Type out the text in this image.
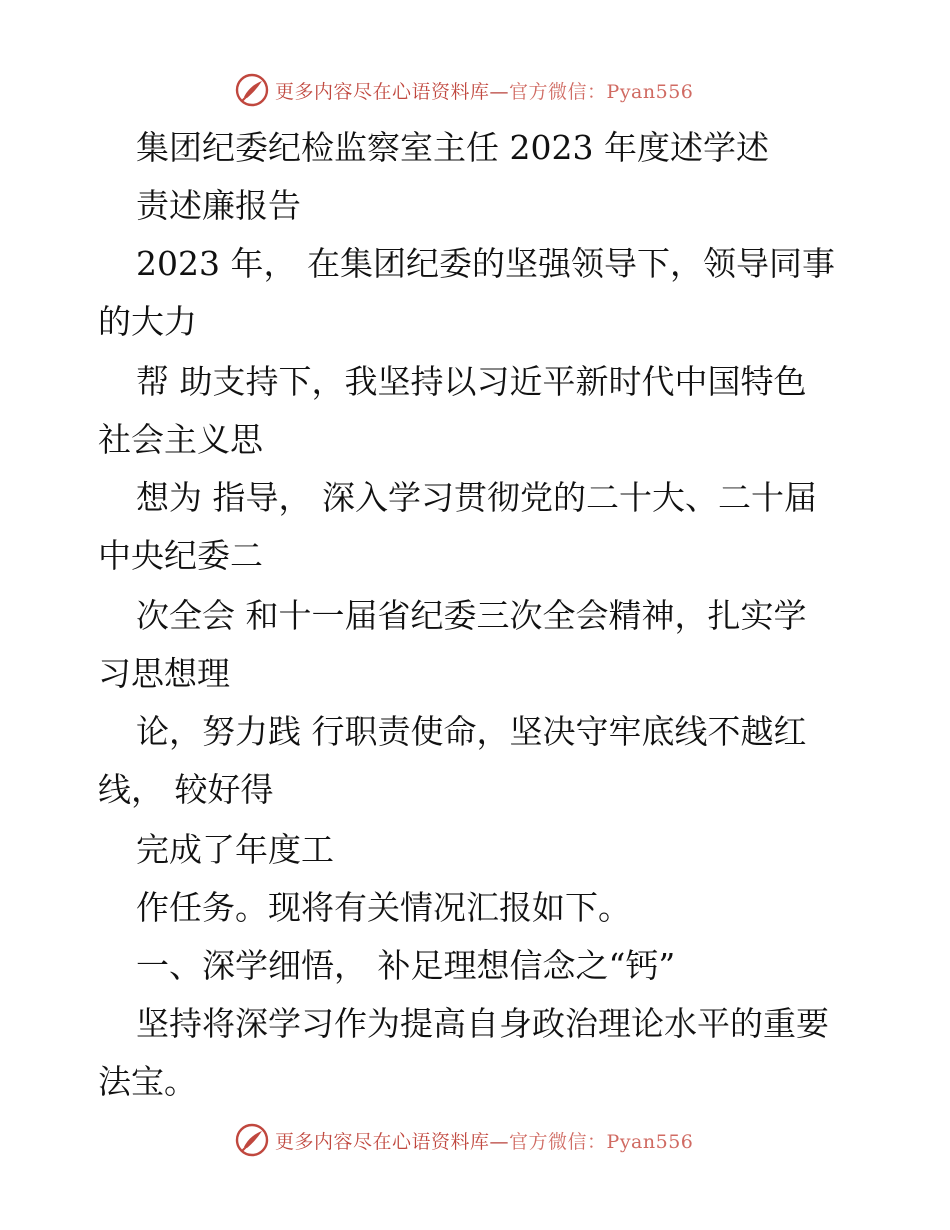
更多内容尽在心语资料库—官方微信：Pyan556
集团纪委纪检监察室主任 2023 年度述学述
责述廉报告
2023 年， 在集团纪委的坚强领导下，领导同事
的大力
帮 助支持下，我坚持以习近平新时代中国特色
社会主义思
想为 指导， 深入学习贯彻党的二十大、二十届
中央纪委二
次全会 和十一届省纪委三次全会精神，扎实学
习思想理
论，努力践 行职责使命，坚决守牢底线不越红
线， 较好得
完成了年度工
作任务。现将有关情况汇报如下。
一、深学细悟， 补足理想信念之“钙”
坚持将深学习作为提高自身政治理论水平的重要
法宝。
更多内容尽在心语资料库—官方微信：Pyan556
